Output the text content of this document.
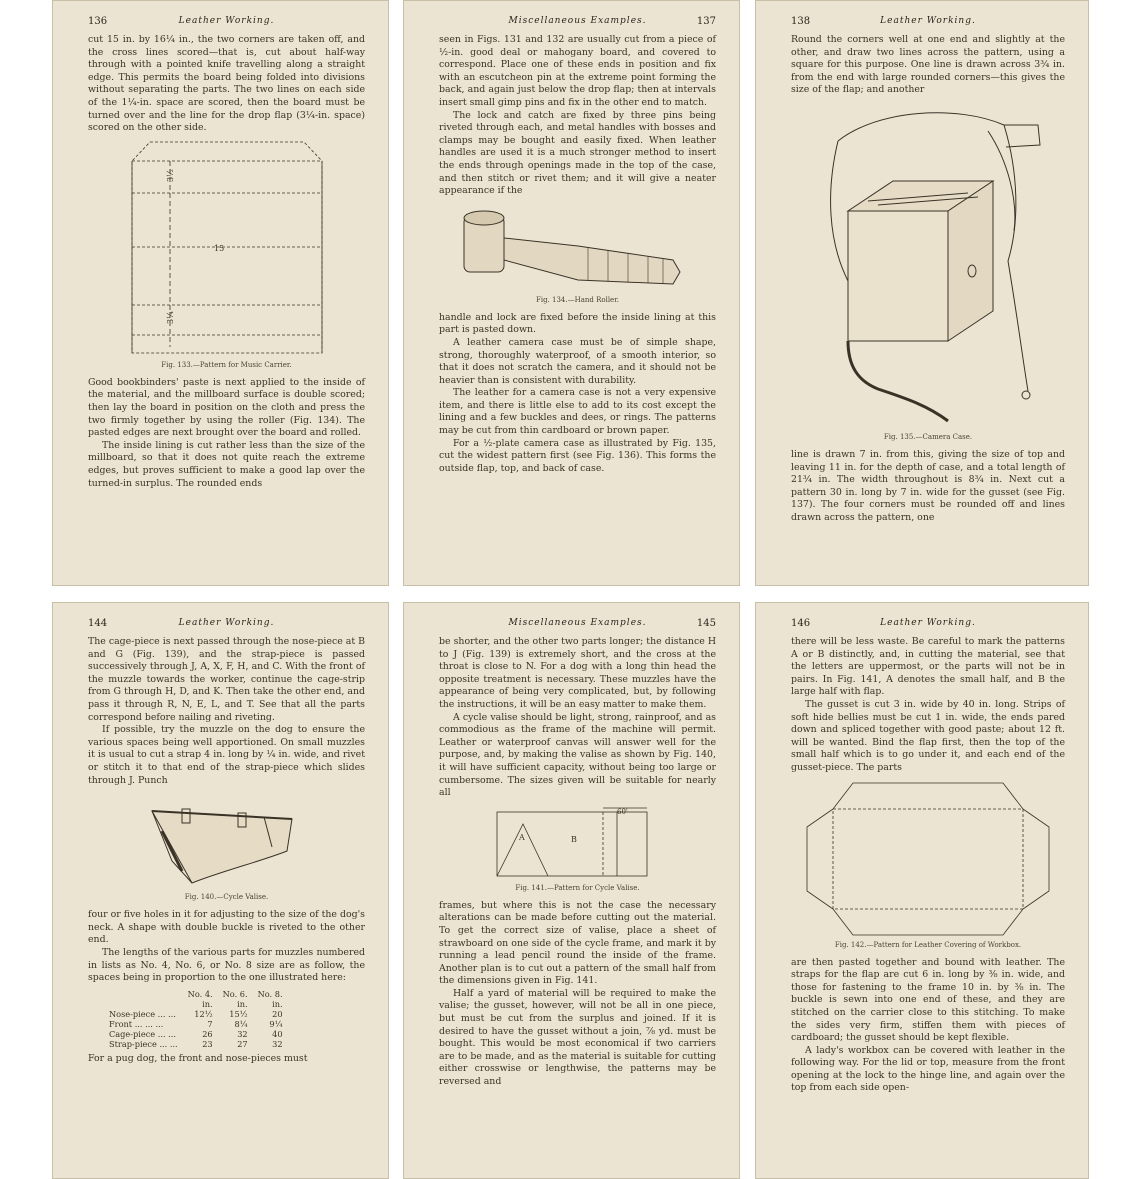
136	Leather Working.

cut 15 in. by 16¼ in., the two corners are taken off, and the cross lines scored—that is, cut about half-way through with a pointed knife travelling along a straight edge. This permits the board being folded into divisions without separating the parts. The two lines on each side of the 1¼-in. space are scored, then the board must be turned over and the line for the drop flap (3¼-in. space) scored on the other side.

3½
15
3¼
Fig. 133.—Pattern for Music Carrier.

Good bookbinders' paste is next applied to the inside of the material, and the millboard surface is double scored; then lay the board in position on the cloth and press the two firmly together by using the roller (Fig. 134). The pasted edges are next brought over the board and rolled.

The inside lining is cut rather less than the size of the millboard, so that it does not quite reach the extreme edges, but proves sufficient to make a good lap over the turned-in surplus. The rounded ends

Miscellaneous Examples.	137

seen in Figs. 131 and 132 are usually cut from a piece of ½-in. good deal or mahogany board, and covered to correspond. Place one of these ends in position and fix with an escutcheon pin at the extreme point forming the back, and again just below the drop flap; then at intervals insert small gimp pins and fix in the other end to match.

The lock and catch are fixed by three pins being riveted through each, and metal handles with bosses and clamps may be bought and easily fixed. When leather handles are used it is a much stronger method to insert the ends through openings made in the top of the case, and then stitch or rivet them; and it will give a neater appearance if the

Fig. 134.—Hand Roller.

handle and lock are fixed before the inside lining at this part is pasted down.

A leather camera case must be of simple shape, strong, thoroughly waterproof, of a smooth interior, so that it does not scratch the camera, and it should not be heavier than is consistent with durability.

The leather for a camera case is not a very expensive item, and there is little else to add to its cost except the lining and a few buckles and dees, or rings. The patterns may be cut from thin cardboard or brown paper.

For a ½-plate camera case as illustrated by Fig. 135, cut the widest pattern first (see Fig. 136). This forms the outside flap, top, and back of case.

138	Leather Working.

Round the corners well at one end and slightly at the other, and draw two lines across the pattern, using a square for this purpose. One line is drawn across 3¾ in. from the end with large rounded corners—this gives the size of the flap; and another

Fig. 135.—Camera Case.

line is drawn 7 in. from this, giving the size of top and leaving 11 in. for the depth of case, and a total length of 21¾ in. The width throughout is 8¾ in. Next cut a pattern 30 in. long by 7 in. wide for the gusset (see Fig. 137). The four corners must be rounded off and lines drawn across the pattern, one

144	Leather Working.

The cage-piece is next passed through the nose-piece at B and G (Fig. 139), and the strap-piece is passed successively through J, A, X, F, H, and C. With the front of the muzzle towards the worker, continue the cage-strip from G through H, D, and K. Then take the other end, and pass it through R, N, E, L, and T. See that all the parts correspond before nailing and riveting.

If possible, try the muzzle on the dog to ensure the various spaces being well apportioned. On small muzzles it is usual to cut a strap 4 in. long by ¼ in. wide, and rivet or stitch it to that end of the strap-piece which slides through J. Punch

Fig. 140.—Cycle Valise.

four or five holes in it for adjusting to the size of the dog's neck. A shape with double buckle is riveted to the other end.

The lengths of the various parts for muzzles numbered in lists as No. 4, No. 6, or No. 8 size are as follow, the spaces being in proportion to the one illustrated here:

	No. 4.	No. 6.	No. 8.
	in.	in.	in.
Nose-piece ... ...	12½	15½	20
Front ... ... ...	7	8¼	9¼
Cage-piece ... ...	26	32	40
Strap-piece ... ...	23	27	32

For a pug dog, the front and nose-pieces must

Miscellaneous Examples.	145

be shorter, and the other two parts longer; the distance H to J (Fig. 139) is extremely short, and the cross at the throat is close to N. For a dog with a long thin head the opposite treatment is necessary. These muzzles have the appearance of being very complicated, but, by following the instructions, it will be an easy matter to make them.

A cycle valise should be light, strong, rainproof, and as commodious as the frame of the machine will permit. Leather or waterproof canvas will answer well for the purpose, and, by making the valise as shown by Fig. 140, it will have sufficient capacity, without being too large or cumbersome. The sizes given will be suitable for nearly all

A	B
60'
Fig. 141.—Pattern for Cycle Valise.

frames, but where this is not the case the necessary alterations can be made before cutting out the material. To get the correct size of valise, place a sheet of strawboard on one side of the cycle frame, and mark it by running a lead pencil round the inside of the frame. Another plan is to cut out a pattern of the small half from the dimensions given in Fig. 141.

Half a yard of material will be required to make the valise; the gusset, however, will not be all in one piece, but must be cut from the surplus and joined. If it is desired to have the gusset without a join, ⅞ yd. must be bought. This would be most economical if two carriers are to be made, and as the material is suitable for cutting either crosswise or lengthwise, the patterns may be reversed and

146	Leather Working.

there will be less waste. Be careful to mark the patterns A or B distinctly, and, in cutting the material, see that the letters are uppermost, or the parts will not be in pairs. In Fig. 141, A denotes the small half, and B the large half with flap.

The gusset is cut 3 in. wide by 40 in. long. Strips of soft hide bellies must be cut 1 in. wide, the ends pared down and spliced together with good paste; about 12 ft. will be wanted. Bind the flap first, then the top of the small half which is to go under it, and each end of the gusset-piece. The parts

Fig. 142.—Pattern for Leather Covering of Workbox.

are then pasted together and bound with leather. The straps for the flap are cut 6 in. long by ⅜ in. wide, and those for fastening to the frame 10 in. by ⅜ in. The buckle is sewn into one end of these, and they are stitched on the carrier close to this stitching. To make the sides very firm, stiffen them with pieces of cardboard; the gusset should be kept flexible.

A lady's workbox can be covered with leather in the following way. For the lid or top, measure from the front opening at the lock to the hinge line, and again over the top from each side open-
